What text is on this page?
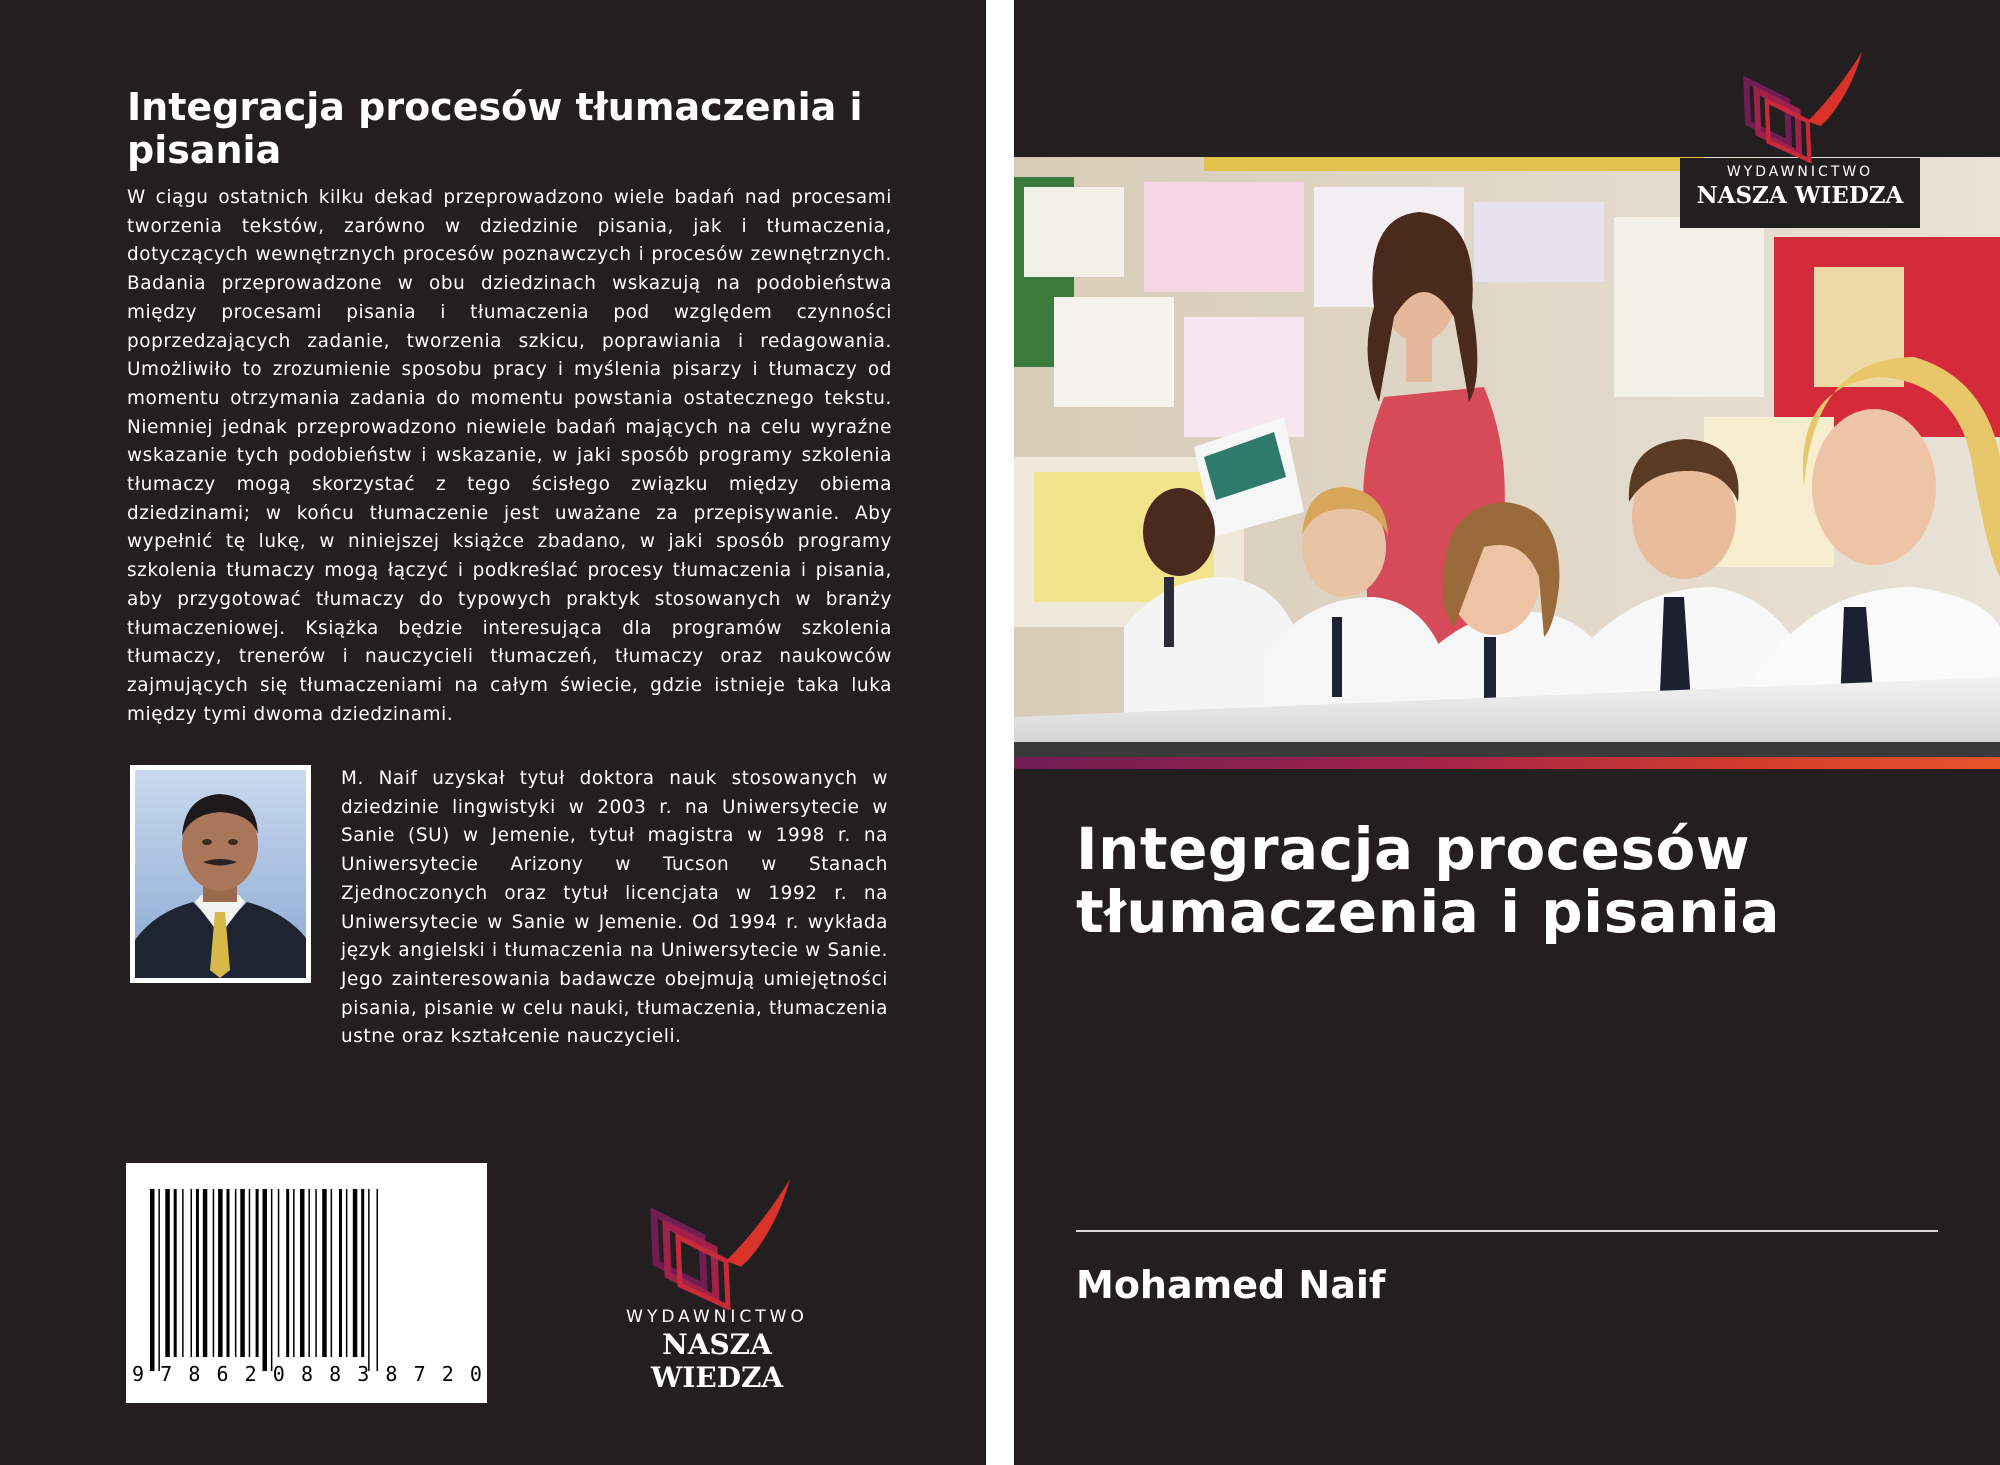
Integracja procesów tłumaczenia i pisania

W ciągu ostatnich kilku dekad przeprowadzono wiele badań nad procesami tworzenia tekstów, zarówno w dziedzinie pisania, jak i tłumaczenia, dotyczących wewnętrznych procesów poznawczych i procesów zewnętrznych. Badania przeprowadzone w obu dziedzinach wskazują na podobieństwa między procesami pisania i tłumaczenia pod względem czynności poprzedzających zadanie, tworzenia szkicu, poprawiania i redagowania. Umożliwiło to zrozumienie sposobu pracy i myślenia pisarzy i tłumaczy od momentu otrzymania zadania do momentu powstania ostatecznego tekstu. Niemniej jednak przeprowadzono niewiele badań mających na celu wyraźne wskazanie tych podobieństw i wskazanie, w jaki sposób programy szkolenia tłumaczy mogą skorzystać z tego ścisłego związku między obiema dziedzinami; w końcu tłumaczenie jest uważane za przepisywanie. Aby wypełnić tę lukę, w niniejszej książce zbadano, w jaki sposób programy szkolenia tłumaczy mogą łączyć i podkreślać procesy tłumaczenia i pisania, aby przygotować tłumaczy do typowych praktyk stosowanych w branży tłumaczeniowej. Książka będzie interesująca dla programów szkolenia tłumaczy, trenerów i nauczycieli tłumaczeń, tłumaczy oraz naukowców zajmujących się tłumaczeniami na całym świecie, gdzie istnieje taka luka między tymi dwoma dziedzinami.

M. Naif uzyskał tytuł doktora nauk stosowanych w dziedzinie lingwistyki w 2003 r. na Uniwersytecie w Sanie (SU) w Jemenie, tytuł magistra w 1998 r. na Uniwersytecie Arizony w Tucson w Stanach Zjednoczonych oraz tytuł licencjata w 1992 r. na Uniwersytecie w Sanie w Jemenie. Od 1994 r. wykłada język angielski i tłumaczenia na Uniwersytecie w Sanie. Jego zainteresowania badawcze obejmują umiejętności pisania, pisanie w celu nauki, tłumaczenia, tłumaczenia ustne oraz kształcenie nauczycieli.

9 7 8 6 2 0 8 8 3 8 7 2 0
WYDAWNICTWO
NASZA WIEDZA
WYDAWNICTWO
NASZA WIEDZA
Integracja procesów tłumaczenia i pisania

Mohamed Naif
